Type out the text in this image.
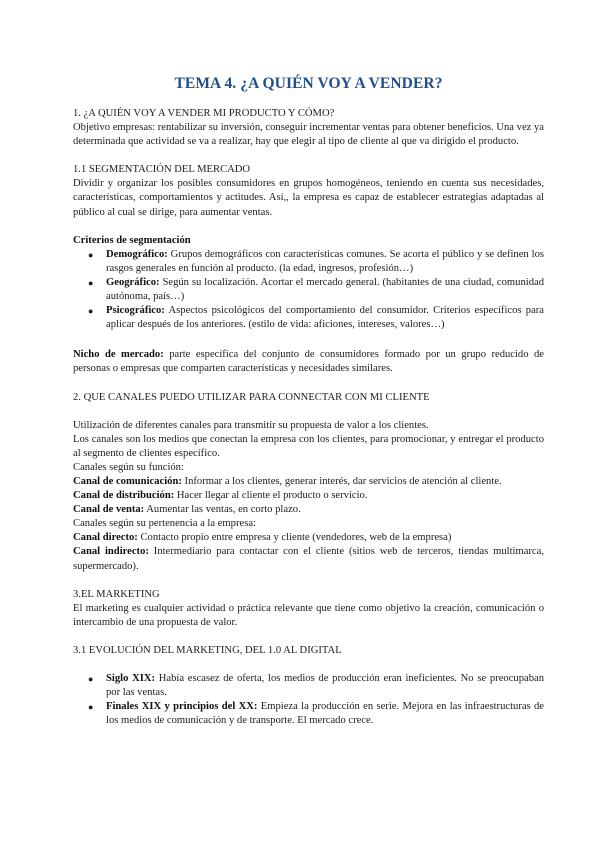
TEMA 4. ¿A QUIÉN VOY A VENDER?

1. ¿A QUIÉN VOY A VENDER MI PRODUCTO Y CÓMO?

Objetivo empresas: rentabilizar su inversión, conseguir incrementar ventas para obtener beneficios. Una vez ya determinada que actividad se va a realizar, hay que elegir al tipo de cliente al que va dirigido el producto.

1.1 SEGMENTACIÓN DEL MERCADO

Dividir y organizar los posibles consumidores en grupos homogéneos, teniendo en cuenta sus necesidades, características, comportamientos y actitudes. Así,, la empresa es capaz de establecer estrategias adaptadas al público al cual se dirige, para aumentar ventas.

Criterios de segmentación

● Demográfico: Grupos demográficos con características comunes. Se acorta el público y se definen los rasgos generales en función al producto. (la edad, ingresos, profesión…)
● Geográfico: Según su localización. Acortar el mercado general. (habitantes de una ciudad, comunidad autónoma, país…)
● Psicográfico: Aspectos psicológicos del comportamiento del consumidor. Criterios específicos para aplicar después de los anteriores. (estilo de vida: aficiones, intereses, valores…)

Nicho de mercado: parte específica del conjunto de consumidores formado por un grupo reducido de personas o empresas que comparten características y necesidades similares.

2. QUE CANALES PUEDO UTILIZAR PARA CONNECTAR CON MI CLIENTE

Utilización de diferentes canales para transmitir su propuesta de valor a los clientes.

Los canales son los medios que conectan la empresa con los clientes, para promocionar, y entregar el producto al segmento de clientes específico.

Canales según su función:

Canal de comunicación: Informar a los clientes, generar interés, dar servicios de atención al cliente.

Canal de distribución: Hacer llegar al cliente el producto o servicio.

Canal de venta: Aumentar las ventas, en corto plazo.

Canales según su pertenencia a la empresa:

Canal directo: Contacto propio entre empresa y cliente (vendedores, web de la empresa)

Canal indirecto: Intermediario para contactar con el cliente (sitios web de terceros, tiendas multimarca, supermercado).

3.EL MARKETING

El marketing es cualquier actividad o práctica relevante que tiene como objetivo la creación, comunicación o intercambio de una propuesta de valor.

3.1 EVOLUCIÓN DEL MARKETING, DEL 1.0 AL DIGITAL

● Siglo XIX: Había escasez de oferta, los medios de producción eran ineficientes. No se preocupaban por las ventas.
● Finales XIX y principios del XX: Empieza la producción en serie. Mejora en las infraestructuras de los medios de comunicación y de transporte. El mercado crece.
